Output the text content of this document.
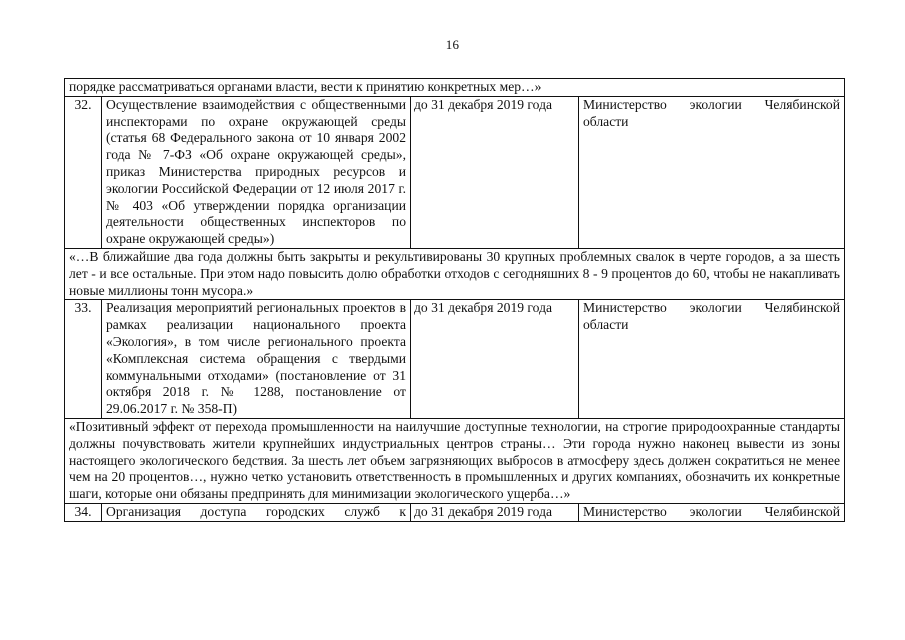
16
порядке рассматриваться органами власти, вести к принятию конкретных мер…»			
32.	Осуществление взаимодействия с общественными инспекторами по охране окружающей среды (статья 68 Федерального закона от 10 января 2002 года № 7-ФЗ «Об охране окружающей среды», приказ Министерства природных ресурсов и экологии Российской Федерации от 12 июля 2017 г. № 403 «Об утверждении порядка организации деятельности общественных инспекторов по охране окружающей среды»)	до 31 декабря 2019 года	Министерство экологии Челябинской области
«…В ближайшие два года должны быть закрыты и рекультивированы 30 крупных проблемных свалок в черте городов, а за шесть лет - и все остальные. При этом надо повысить долю обработки отходов с сегодняшних 8 - 9 процентов до 60, чтобы не накапливать новые миллионы тонн мусора.»			
33.	Реализация мероприятий региональных проектов в рамках реализации национального проекта «Экология», в том числе регионального проекта «Комплексная система обращения с твердыми коммунальными отходами» (постановление от 31 октября 2018 г. № 1288, постановление от 29.06.2017 г. № 358-П)	до 31 декабря 2019 года	Министерство экологии Челябинской области
«Позитивный эффект от перехода промышленности на наилучшие доступные технологии, на строгие природоохранные стандарты должны почувствовать жители крупнейших индустриальных центров страны… Эти города нужно наконец вывести из зоны настоящего экологического бедствия. За шесть лет объем загрязняющих выбросов в атмосферу здесь должен сократиться не менее чем на 20 процентов…, нужно четко установить ответственность в промышленных и других компаниях, обозначить их конкретные шаги, которые они обязаны предпринять для минимизации экологического ущерба…»			
34.	Организация доступа городских служб к	до 31 декабря 2019 года	Министерство экологии Челябинской
